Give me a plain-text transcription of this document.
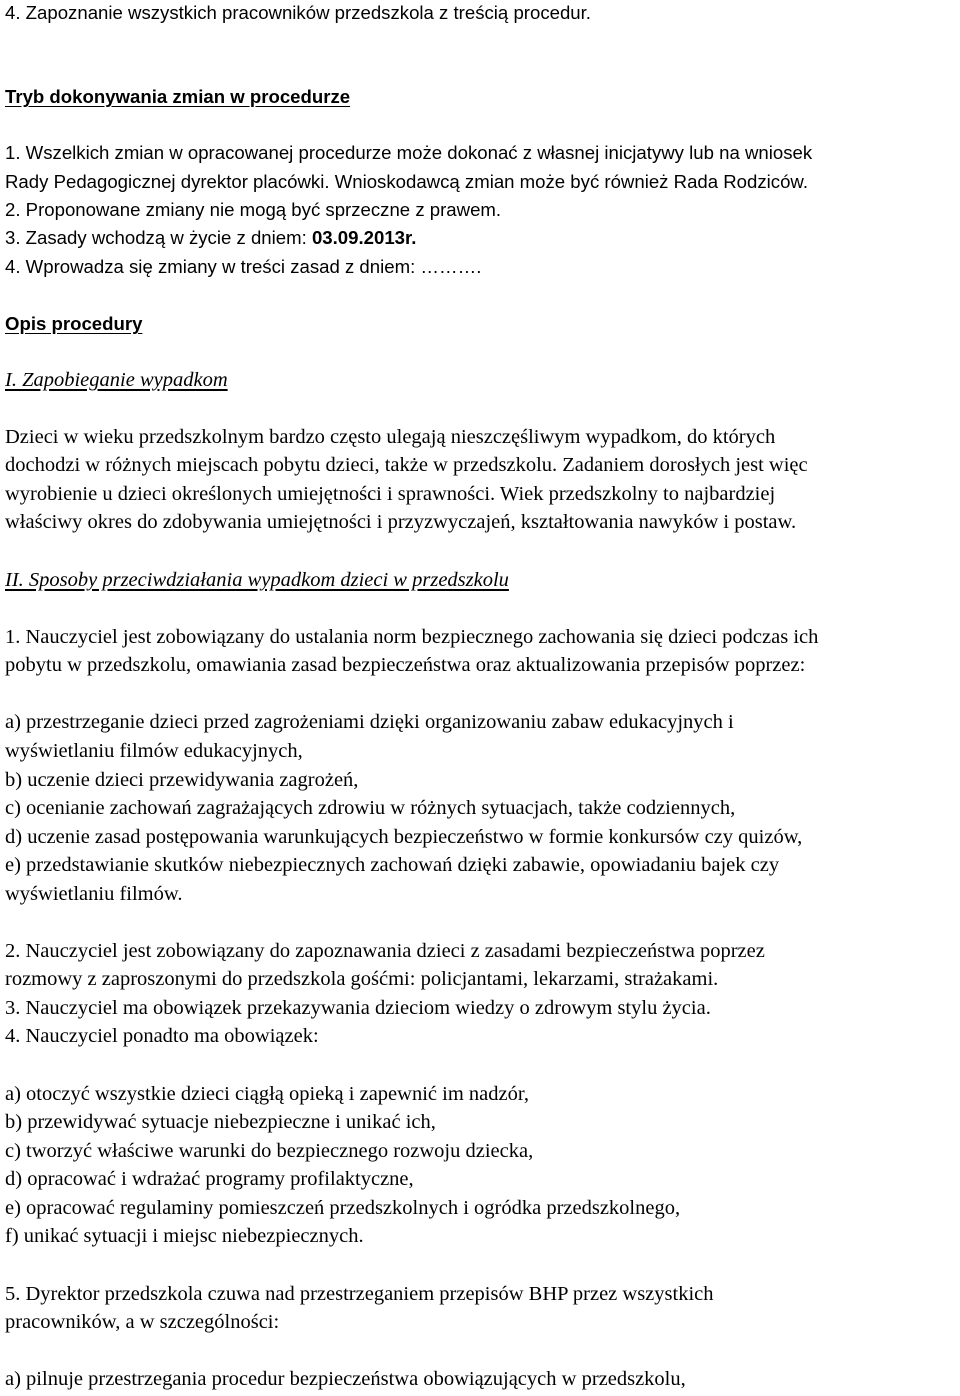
4. Zapoznanie wszystkich pracowników przedszkola z treścią procedur.
Tryb dokonywania zmian w procedurze
1. Wszelkich zmian w opracowanej procedurze może dokonać z własnej inicjatywy lub na wniosek
Rady Pedagogicznej dyrektor placówki. Wnioskodawcą zmian może być również Rada Rodziców.
2. Proponowane zmiany nie mogą być sprzeczne z prawem.
3. Zasady wchodzą w życie z dniem: 03.09.2013r.
4. Wprowadza się zmiany w treści zasad z dniem: ……….
Opis procedury
I. Zapobieganie wypadkom
Dzieci w wieku przedszkolnym bardzo często ulegają nieszczęśliwym wypadkom, do których
dochodzi w różnych miejscach pobytu dzieci, także w przedszkolu. Zadaniem dorosłych jest więc
wyrobienie u dzieci określonych umiejętności i sprawności. Wiek przedszkolny to najbardziej
właściwy okres do zdobywania umiejętności i przyzwyczajeń, kształtowania nawyków i postaw.
II. Sposoby przeciwdziałania wypadkom dzieci w przedszkolu
1. Nauczyciel jest zobowiązany do ustalania norm bezpiecznego zachowania się dzieci podczas ich
pobytu w przedszkolu, omawiania zasad bezpieczeństwa oraz aktualizowania przepisów poprzez:
a) przestrzeganie dzieci przed zagrożeniami dzięki organizowaniu zabaw edukacyjnych i
wyświetlaniu filmów edukacyjnych,
b) uczenie dzieci przewidywania zagrożeń,
c) ocenianie zachowań zagrażających zdrowiu w różnych sytuacjach, także codziennych,
d) uczenie zasad postępowania warunkujących bezpieczeństwo w formie konkursów czy quizów,
e) przedstawianie skutków niebezpiecznych zachowań dzięki zabawie, opowiadaniu bajek czy
wyświetlaniu filmów.
2. Nauczyciel jest zobowiązany do zapoznawania dzieci z zasadami bezpieczeństwa poprzez
rozmowy z zaproszonymi do przedszkola gośćmi: policjantami, lekarzami, strażakami.
3. Nauczyciel ma obowiązek przekazywania dzieciom wiedzy o zdrowym stylu życia.
4. Nauczyciel ponadto ma obowiązek:
a) otoczyć wszystkie dzieci ciągłą opieką i zapewnić im nadzór,
b) przewidywać sytuacje niebezpieczne i unikać ich,
c) tworzyć właściwe warunki do bezpiecznego rozwoju dziecka,
d) opracować i wdrażać programy profilaktyczne,
e) opracować regulaminy pomieszczeń przedszkolnych i ogródka przedszkolnego,
f) unikać sytuacji i miejsc niebezpiecznych.
5. Dyrektor przedszkola czuwa nad przestrzeganiem przepisów BHP przez wszystkich
pracowników, a w szczególności:
a) pilnuje przestrzegania procedur bezpieczeństwa obowiązujących w przedszkolu,
